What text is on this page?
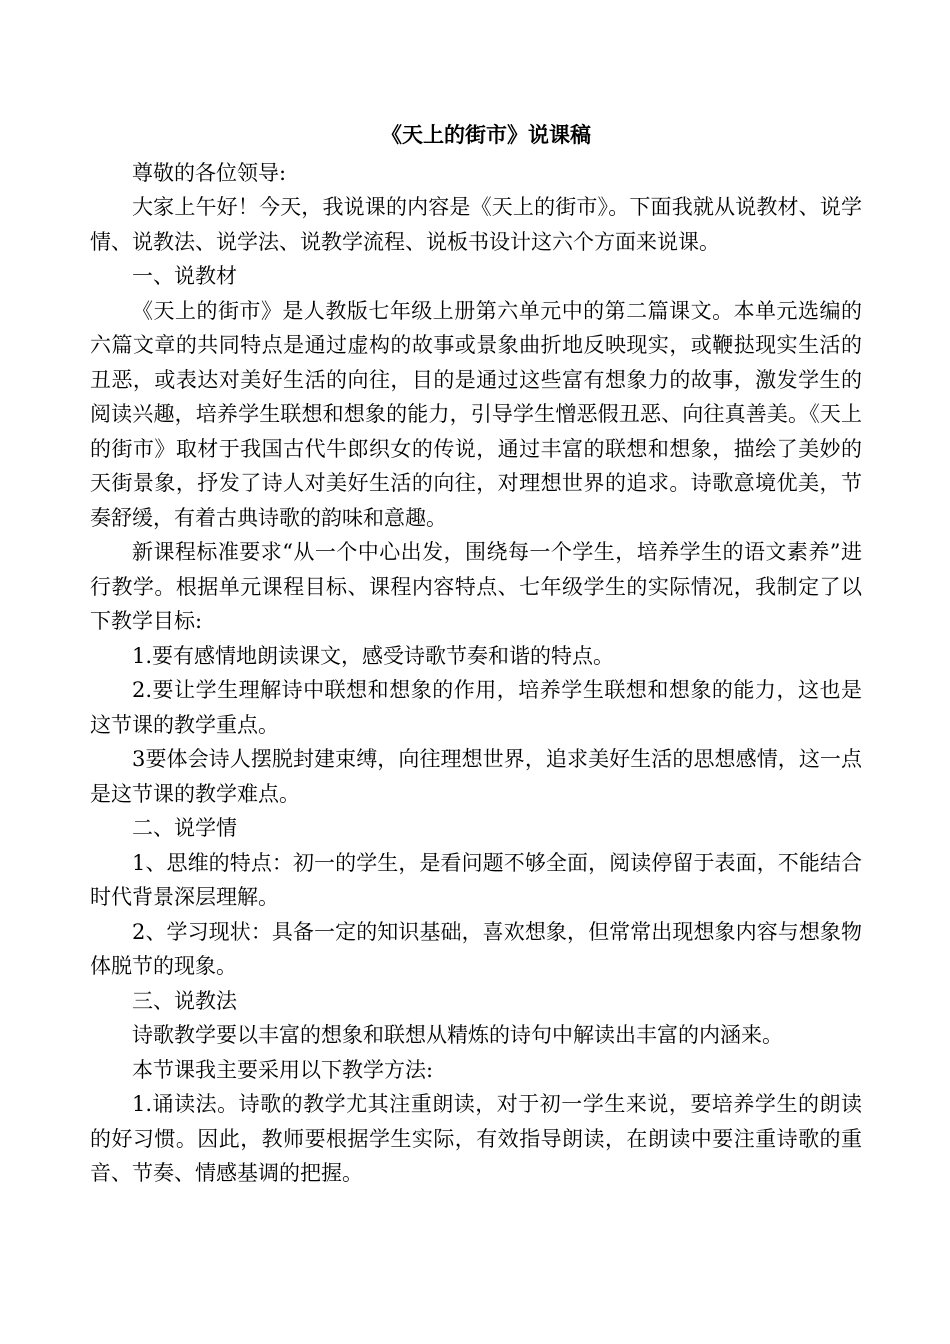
《天上的街市》说课稿

尊敬的各位领导:

大家上午好！今天，我说课的内容是《天上的街市》。下面我就从说教材、说学情、说教法、说学法、说教学流程、说板书设计这六个方面来说课。

一、说教材

《天上的街市》是人教版七年级上册第六单元中的第二篇课文。本单元选编的六篇文章的共同特点是通过虚构的故事或景象曲折地反映现实，或鞭挞现实生活的丑恶，或表达对美好生活的向往，目的是通过这些富有想象力的故事，激发学生的阅读兴趣，培养学生联想和想象的能力，引导学生憎恶假丑恶、向往真善美。《天上的街市》取材于我国古代牛郎织女的传说，通过丰富的联想和想象，描绘了美妙的天街景象，抒发了诗人对美好生活的向往，对理想世界的追求。诗歌意境优美，节奏舒缓，有着古典诗歌的韵味和意趣。

新课程标准要求“从一个中心出发，围绕每一个学生，培养学生的语文素养”进行教学。根据单元课程目标、课程内容特点、七年级学生的实际情况，我制定了以下教学目标:

1.要有感情地朗读课文，感受诗歌节奏和谐的特点。

2.要让学生理解诗中联想和想象的作用，培养学生联想和想象的能力，这也是这节课的教学重点。

3要体会诗人摆脱封建束缚，向往理想世界，追求美好生活的思想感情，这一点是这节课的教学难点。

二、说学情

1、思维的特点：初一的学生，是看问题不够全面，阅读停留于表面，不能结合时代背景深层理解。

2、学习现状：具备一定的知识基础，喜欢想象，但常常出现想象内容与想象物体脱节的现象。

三、说教法

诗歌教学要以丰富的想象和联想从精炼的诗句中解读出丰富的内涵来。

本节课我主要采用以下教学方法:

1.诵读法。诗歌的教学尤其注重朗读，对于初一学生来说，要培养学生的朗读的好习惯。因此，教师要根据学生实际，有效指导朗读，在朗读中要注重诗歌的重音、节奏、情感基调的把握。
